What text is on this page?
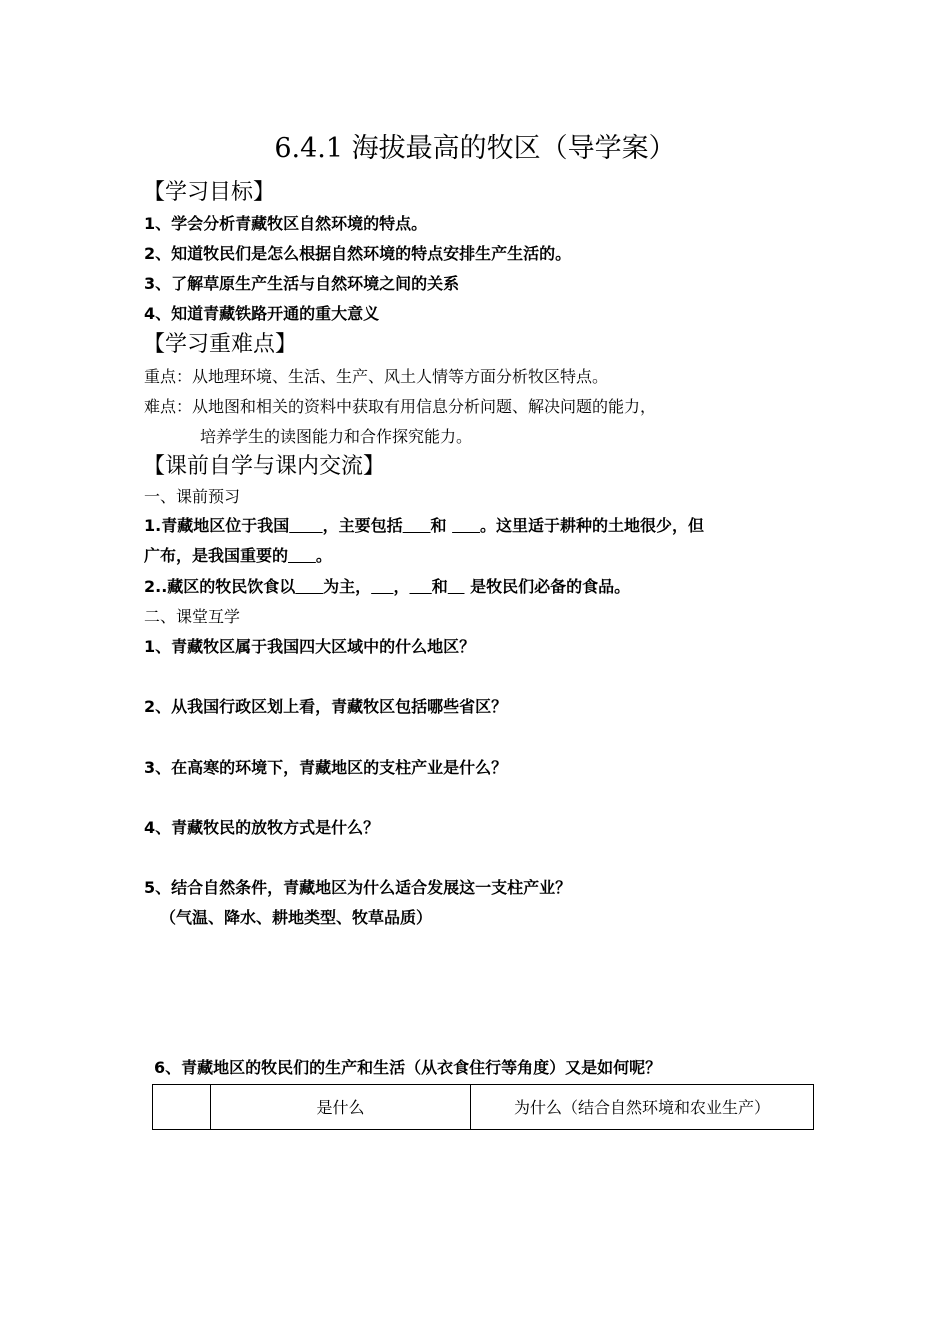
6.4.1 海拔最高的牧区（导学案）
【学习目标】
1、学会分析青藏牧区自然环境的特点。
2、知道牧民们是怎么根据自然环境的特点安排生产生活的。
3、了解草原生产生活与自然环境之间的关系
4、知道青藏铁路开通的重大意义
【学习重难点】
重点：从地理环境、生活、生产、风土人情等方面分析牧区特点。
难点：从地图和相关的资料中获取有用信息分析问题、解决问题的能力，
培养学生的读图能力和合作探究能力。
【课前自学与课内交流】
一、课前预习
1.青藏地区位于我国 ，主要包括 和 。这里适于耕种的土地很少，但
广布，是我国重要的 。
2..藏区的牧民饮食以 为主， ， 和 是牧民们必备的食品。
二、课堂互学
1、青藏牧区属于我国四大区域中的什么地区？
2、从我国行政区划上看，青藏牧区包括哪些省区？
3、在高寒的环境下，青藏地区的支柱产业是什么？
4、青藏牧民的放牧方式是什么？
5、结合自然条件，青藏地区为什么适合发展这一支柱产业？
（气温、降水、耕地类型、牧草品质）
6、青藏地区的牧民们的生产和生活（从衣食住行等角度）又是如何呢？
	是什么	为什么（结合自然环境和农业生产）
